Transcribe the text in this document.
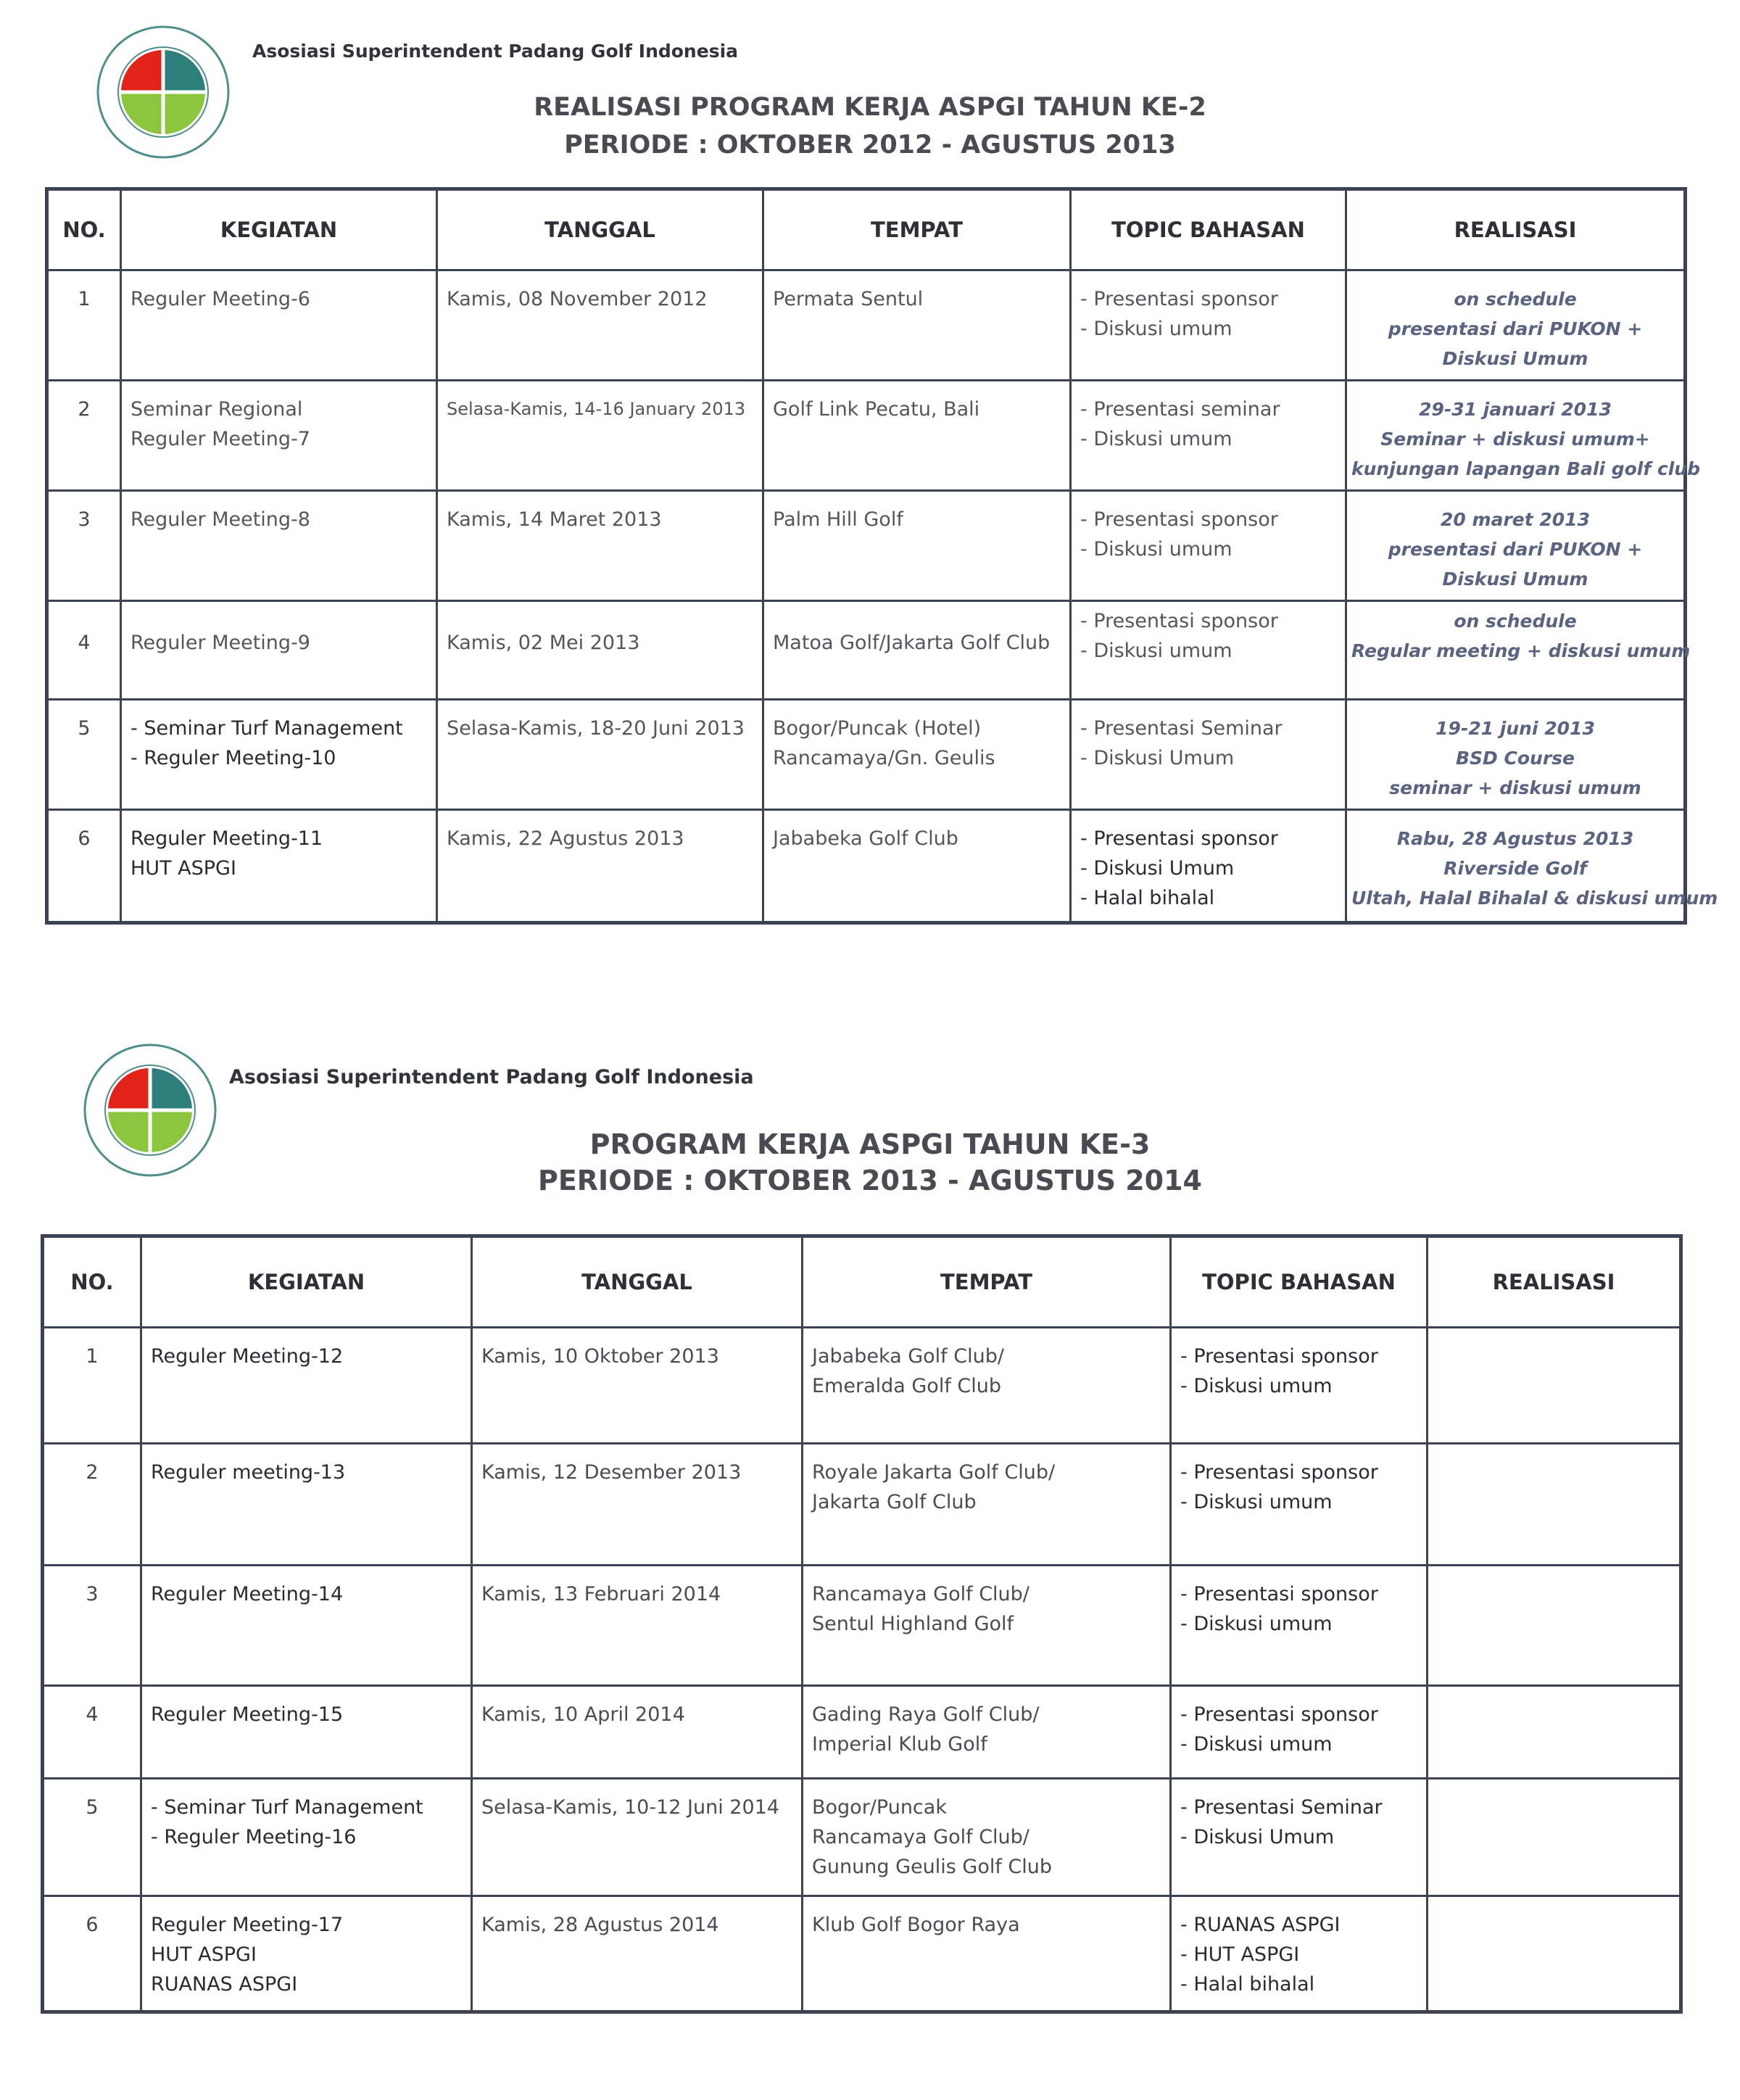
Asosiasi Superintendent Padang Golf Indonesia
REALISASI PROGRAM KERJA ASPGI TAHUN KE-2
PERIODE : OKTOBER 2012 - AGUSTUS 2013
NO.	KEGIATAN	TANGGAL	TEMPAT	TOPIC BAHASAN	REALISASI
1	Reguler Meeting-6	Kamis, 08 November 2012	Permata Sentul	- Presentasi sponsor
- Diskusi umum	on schedule
presentasi dari PUKON +
Diskusi Umum

2	Seminar Regional
Reguler Meeting-7	Selasa-Kamis, 14-16 January 2013	Golf Link Pecatu, Bali	- Presentasi seminar
- Diskusi umum	29-31 januari 2013
Seminar + diskusi umum+
kunjungan lapangan Bali golf club

3	Reguler Meeting-8	Kamis, 14 Maret 2013	Palm Hill Golf	- Presentasi sponsor
- Diskusi umum	20 maret 2013
presentasi dari PUKON +
Diskusi Umum

4	Reguler Meeting-9	Kamis, 02 Mei 2013	Matoa Golf/Jakarta Golf Club	- Presentasi sponsor
- Diskusi umum	on schedule
Regular meeting + diskusi umum

5	- Seminar Turf Management
- Reguler Meeting-10	Selasa-Kamis, 18-20 Juni 2013	Bogor/Puncak (Hotel)
Rancamaya/Gn. Geulis	- Presentasi Seminar
- Diskusi Umum	19-21 juni 2013
BSD Course
seminar + diskusi umum

6	Reguler Meeting-11
HUT ASPGI	Kamis, 22 Agustus 2013	Jababeka Golf Club	- Presentasi sponsor
- Diskusi Umum
- Halal bihalal	Rabu, 28 Agustus 2013
Riverside Golf
Ultah, Halal Bihalal & diskusi umum
Asosiasi Superintendent Padang Golf Indonesia
PROGRAM KERJA ASPGI TAHUN KE-3
PERIODE : OKTOBER 2013 - AGUSTUS 2014
NO.	KEGIATAN	TANGGAL	TEMPAT	TOPIC BAHASAN	REALISASI
1	Reguler Meeting-12	Kamis, 10 Oktober 2013	Jababeka Golf Club/
Emeralda Golf Club	- Presentasi sponsor
- Diskusi umum	

2	Reguler meeting-13	Kamis, 12 Desember 2013	Royale Jakarta Golf Club/
Jakarta Golf Club	- Presentasi sponsor
- Diskusi umum	

3	Reguler Meeting-14	Kamis, 13 Februari 2014	Rancamaya Golf Club/
Sentul Highland Golf	- Presentasi sponsor
- Diskusi umum	

4	Reguler Meeting-15	Kamis, 10 April 2014	Gading Raya Golf Club/
Imperial Klub Golf	- Presentasi sponsor
- Diskusi umum	

5	- Seminar Turf Management
- Reguler Meeting-16	Selasa-Kamis, 10-12 Juni 2014	Bogor/Puncak
Rancamaya Golf Club/
Gunung Geulis Golf Club	- Presentasi Seminar
- Diskusi Umum	

6	Reguler Meeting-17
HUT ASPGI
RUANAS ASPGI	Kamis, 28 Agustus 2014	Klub Golf Bogor Raya	- RUANAS ASPGI
- HUT ASPGI
- Halal bihalal	
